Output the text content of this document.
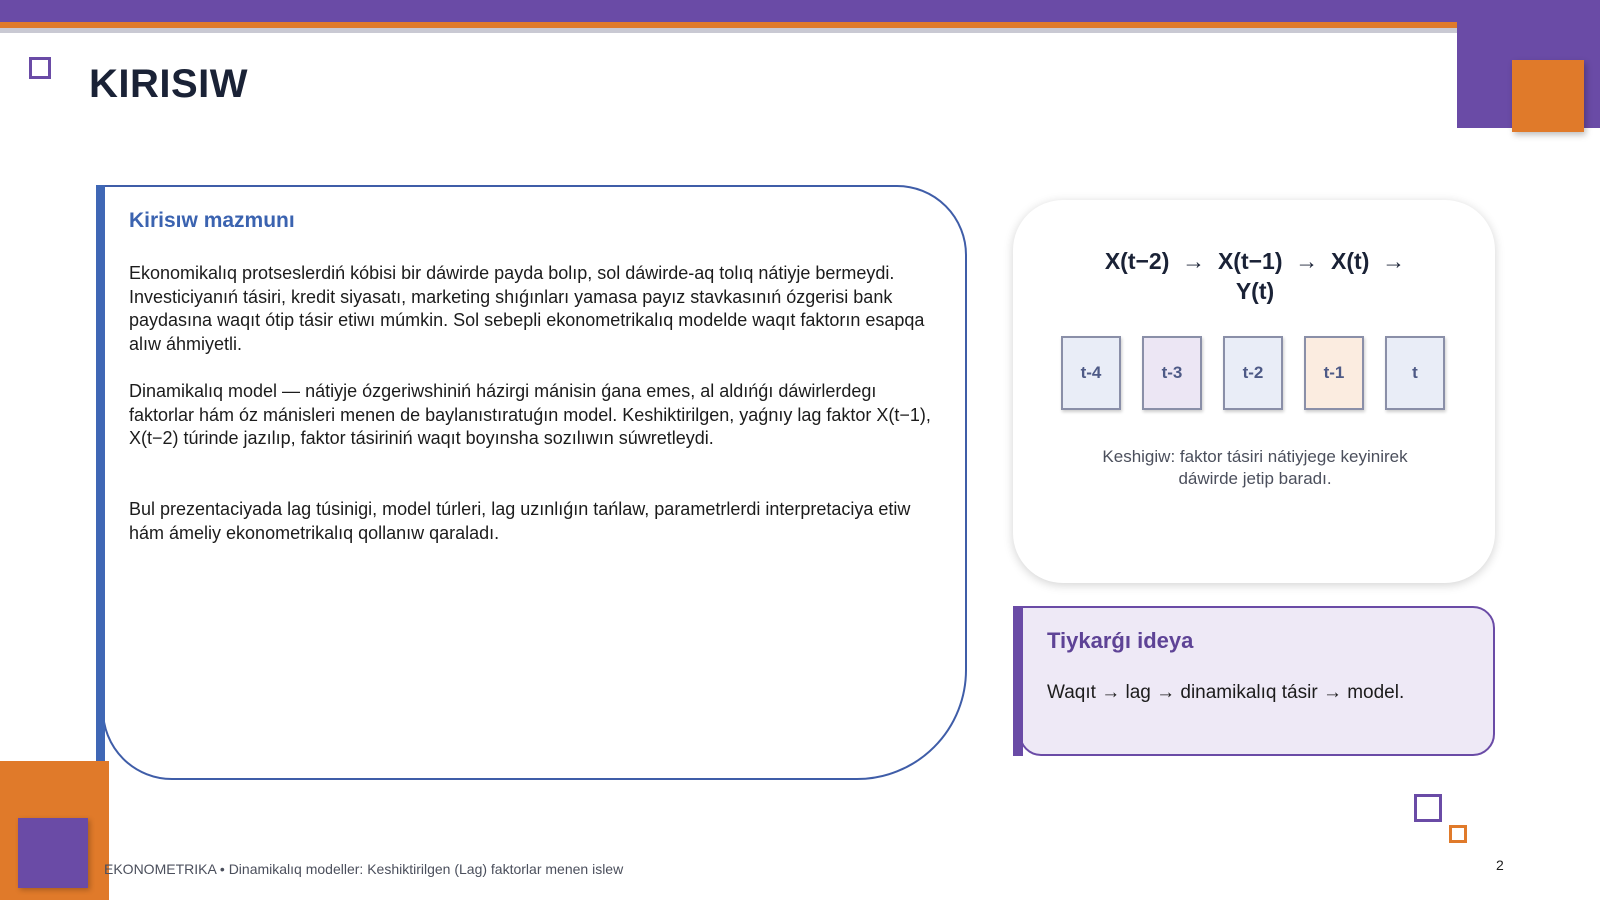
KIRISIW
Kirisıw mazmunı

Ekonomikalıq protseslerdiń kóbisi bir dáwirde payda bolıp, sol dáwirde-aq tolıq nátiyje bermeydi. Investiciyanıń tásiri, kredit siyasatı, marketing shıǵınları yamasa payız stavkasınıń ózgerisi bank paydasına waqıt ótip tásir etiwı múmkin. Sol sebepli ekonometrikalıq modelde waqıt faktorın esapqa alıw áhmiyetli.

Dinamikalıq model — nátiyje ózgeriwshiniń házirgi mánisin ǵana emes, al aldıńǵı dáwirlerdegı faktorlar hám óz mánisleri menen de baylanıstıratuǵın model. Keshiktirilgen, yaǵnıy lag faktor X(t−1), X(t−2) túrinde jazılıp, faktor tásiriniń waqıt boyınsha sozılıwın súwretleydi.

Bul prezentaciyada lag túsinigi, model túrleri, lag uzınlıǵın tańlaw, parametrlerdi interpretaciya etiw hám ámeliy ekonometrikalıq qollanıw qaraladı.

X(t−2)  →  X(t−1)  →  X(t)  →
Y(t)
t-4	t-3	t-2	t-1	t
Keshigiw: faktor tásiri nátiyjege keyinirek dáwirde jetip baradı.
Tiykarǵı ideya
Waqıt → lag → dinamikalıq tásir → model.
EKONOMETRIKA • Dinamikalıq modeller: Keshiktirilgen (Lag) faktorlar menen islew	2
